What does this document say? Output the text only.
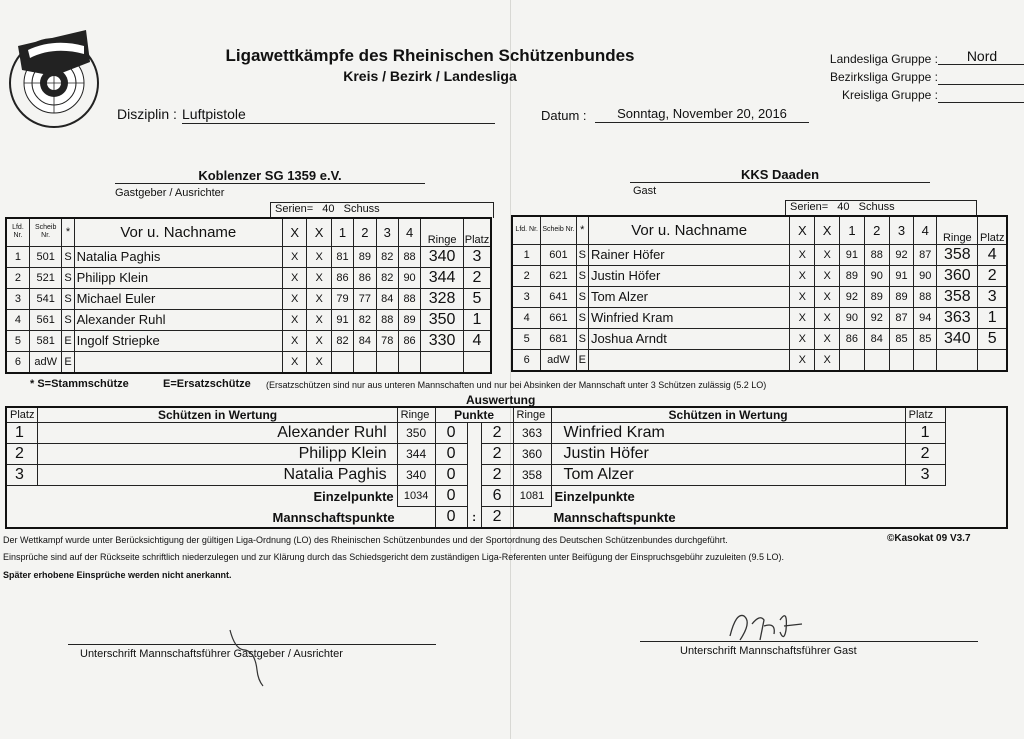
Ligawettkämpfe des Rheinischen Schützenbundes
Kreis / Bezirk / Landesliga
Landesliga Gruppe :	Nord
Bezirksliga Gruppe :
Kreisliga Gruppe :
Disziplin : Luftpistole	Datum :	Sonntag, November 20, 2016
Koblenzer SG 1359 e.V.
Gastgeber / Ausrichter
KKS Daaden
Gast
Serien= 40 Schuss	Serien= 40 Schuss
Lfd. Nr.	Scheib Nr.	*	Vor u. Nachname	X	X	1	2	3	4	Ringe	Platz
1	501	S	Natalia Paghis	X	X	81	89	82	88	340	3
2	521	S	Philipp Klein	X	X	86	86	82	90	344	2
3	541	S	Michael Euler	X	X	79	77	84	88	328	5
4	561	S	Alexander Ruhl	X	X	91	82	88	89	350	1
5	581	E	Ingolf Striepke	X	X	82	84	78	86	330	4
6	adW	E		X	X						
Lfd. Nr.	Scheib Nr.	*	Vor u. Nachname	X	X	1	2	3	4	Ringe	Platz
1	601	S	Rainer Höfer	X	X	91	88	92	87	358	4
2	621	S	Justin Höfer	X	X	89	90	91	90	360	2
3	641	S	Tom Alzer	X	X	92	89	89	88	358	3
4	661	S	Winfried Kram	X	X	90	92	87	94	363	1
5	681	S	Joshua Arndt	X	X	86	84	85	85	340	5
6	adW	E		X	X						
* S=Stammschütze	E=Ersatzschütze (Ersatzschützen sind nur aus unteren Mannschaften und nur bei Absinken der Mannschaft unter 3 Schützen zulässig (5.2 LO)
Auswertung
Platz	Schützen in Wertung	Ringe	Punkte			Ringe	Schützen in Wertung	Platz	
1	Alexander Ruhl	350	0		2	363	Winfried Kram	1	
2	Philipp Klein	344	0		2	360	Justin Höfer	2	
3	Natalia Paghis	340	0		2	358	Tom Alzer	3	
Einzelpunkte		1034	0		6	1081	Einzelpunkte		
Mannschaftspunkte			0	:	2	Mannschaftspunkte			
Der Wettkampf wurde unter Berücksichtigung der gültigen Liga-Ordnung (LO) des Rheinischen Schützenbundes und der Sportordnung des Deutschen Schützenbundes durchgeführt.	©Kasokat 09 V3.7
Einsprüche sind auf der Rückseite schriftlich niederzulegen und zur Klärung durch das Schiedsgericht dem zuständigen Liga-Referenten unter Beifügung der Einspruchsgebühr zuzuleiten (9.5 LO).
Später erhobene Einsprüche werden nicht anerkannt.
Unterschrift Mannschaftsführer Gastgeber / Ausrichter	Unterschrift Mannschaftsführer Gast
